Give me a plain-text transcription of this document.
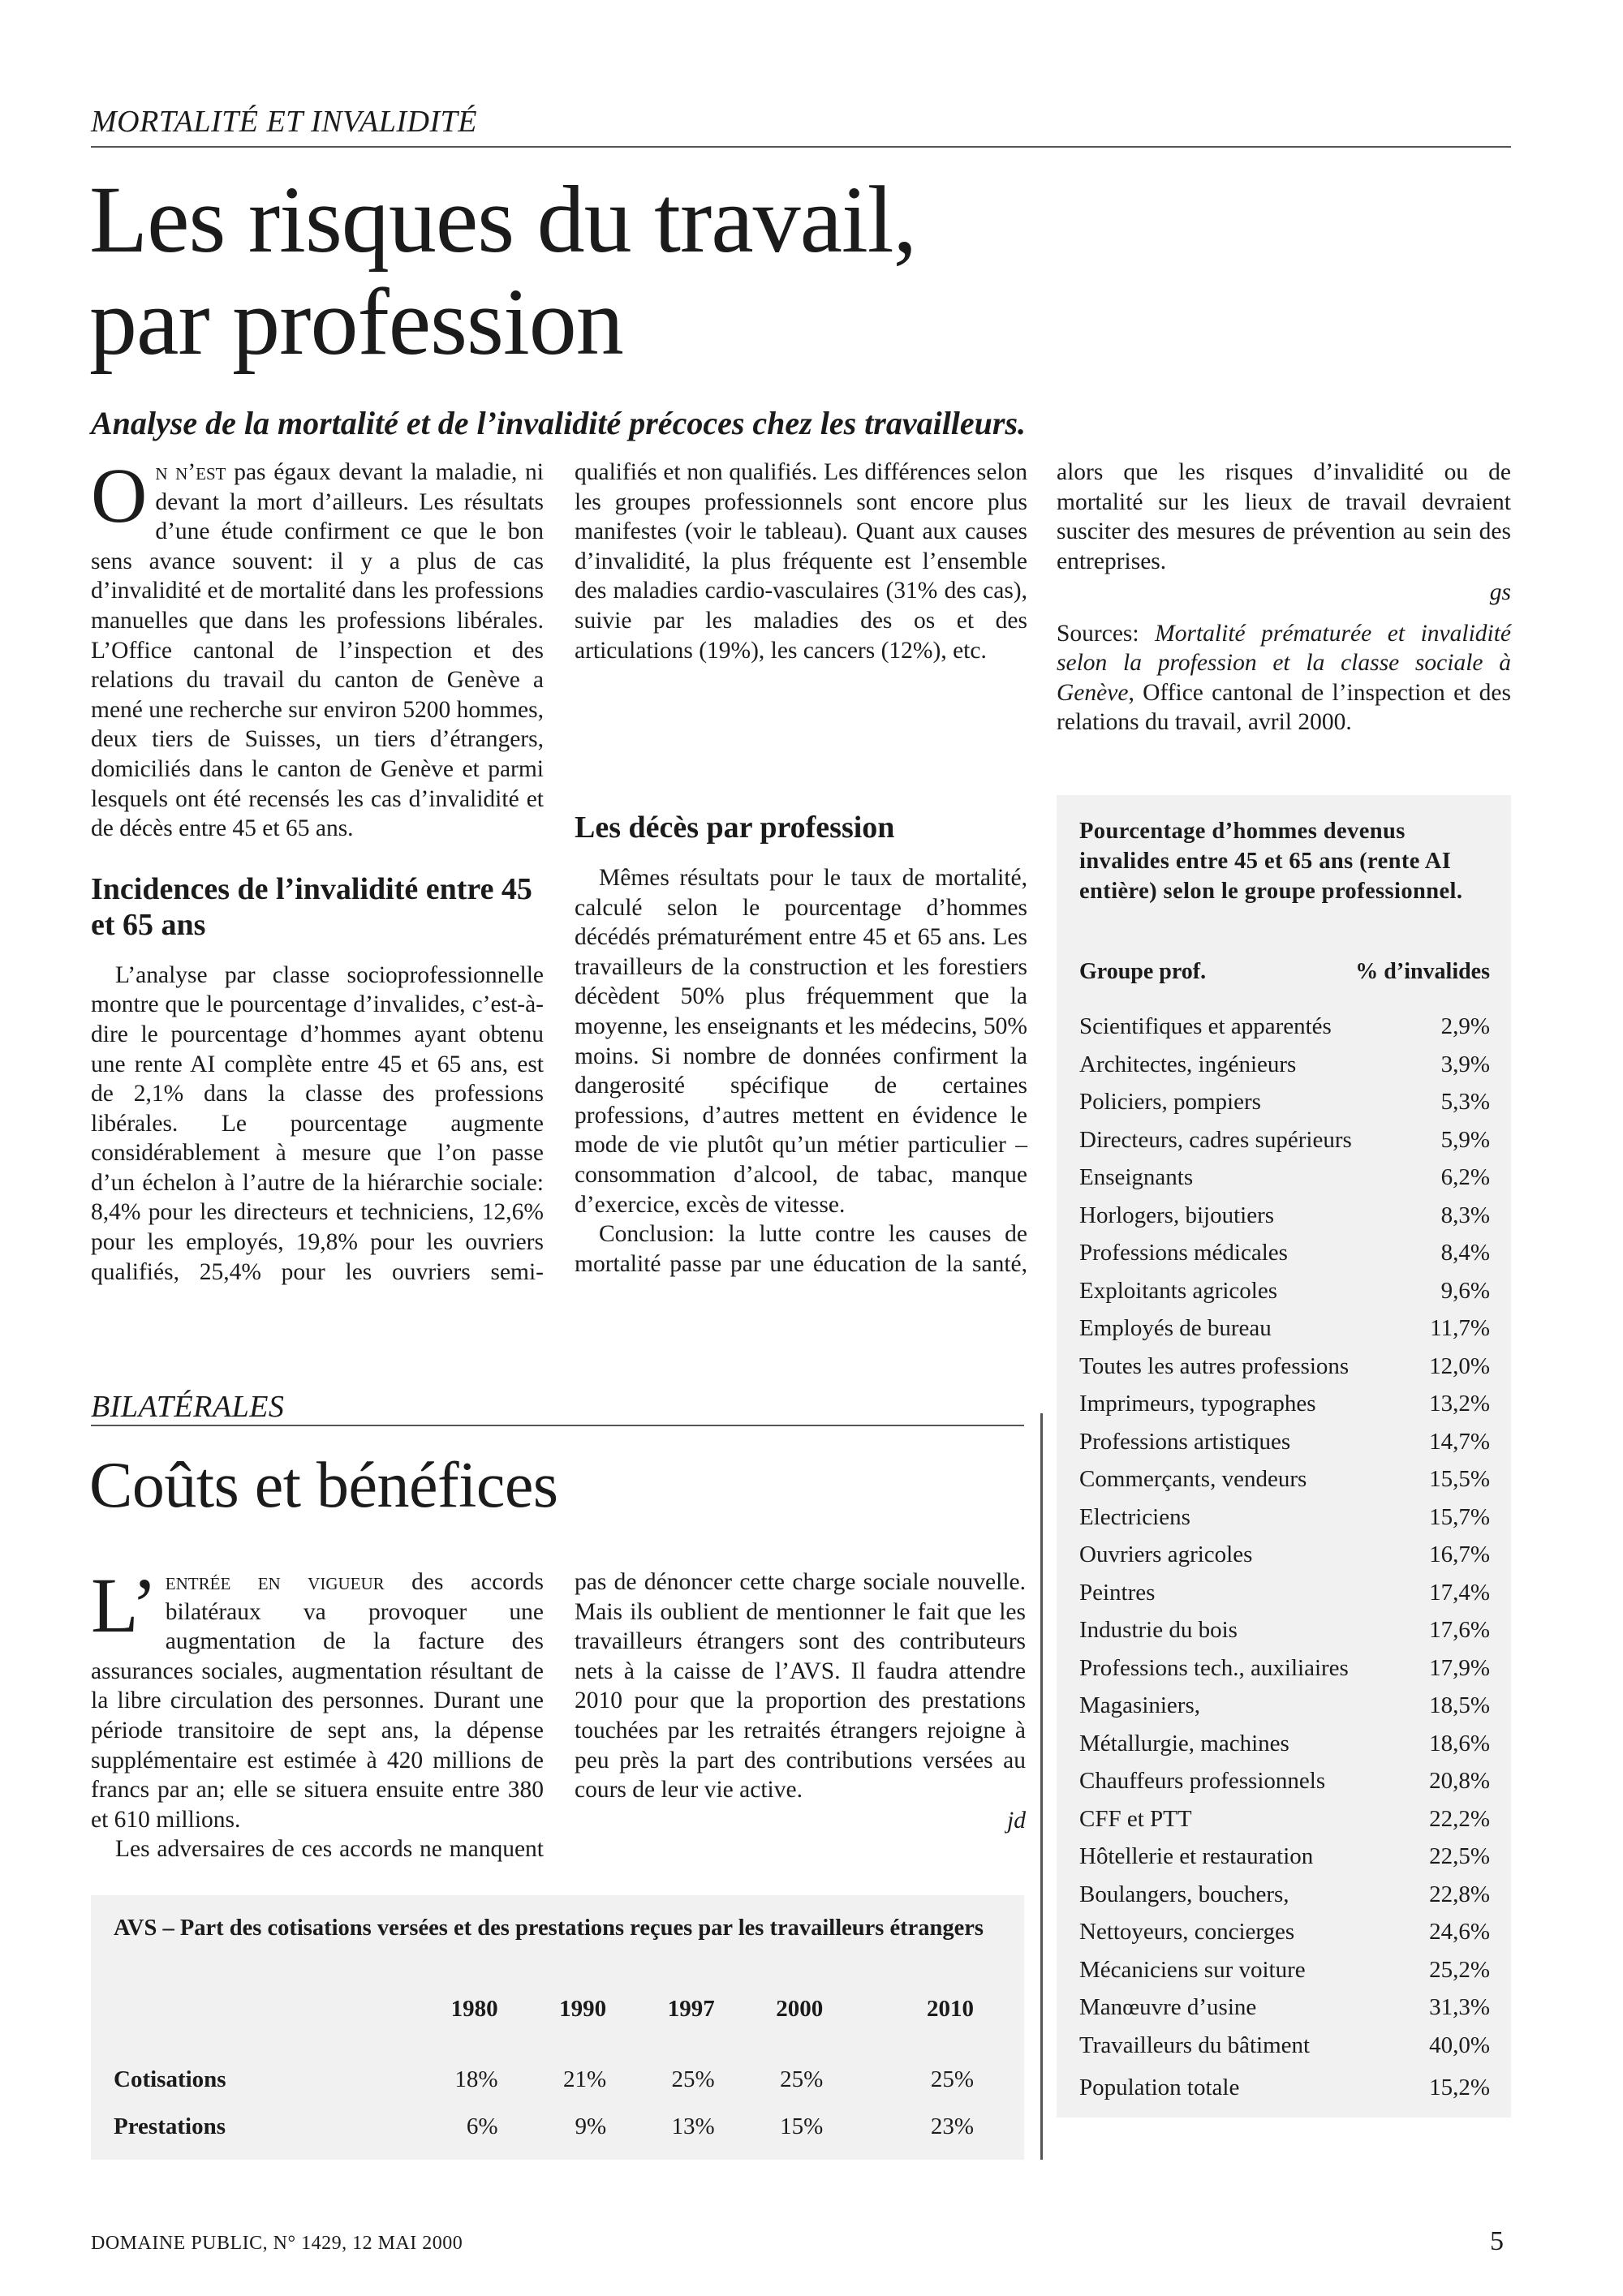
MORTALITÉ ET INVALIDITÉ
Les risques du travail,
par profession
Analyse de la mortalité et de l’invalidité précoces chez les travailleurs.

On n’est pas égaux devant la maladie, ni devant la mort d’ailleurs. Les résultats d’une étude confirment ce que le bon sens avance souvent: il y a plus de cas d’invalidité et de mortalité dans les professions manuelles que dans les professions libérales. L’Office cantonal de l’inspection et des relations du travail du canton de Genève a mené une recherche sur environ 5200 hommes, deux tiers de Suisses, un tiers d’étrangers, domiciliés dans le canton de Genève et parmi lesquels ont été recensés les cas d’invalidité et de décès entre 45 et 65 ans.

Incidences de l’invalidité entre 45 et 65 ans

L’analyse par classe socioprofessionnelle montre que le pourcentage d’invalides, c’est-à-dire le pourcentage d’hommes ayant obtenu une rente AI complète entre 45 et 65 ans, est de 2,1% dans la classe des professions libérales. Le pourcentage augmente considérablement à mesure que l’on passe d’un échelon à l’autre de la hiérarchie sociale: 8,4% pour les directeurs et techniciens, 12,6% pour les employés, 19,8% pour les ouvriers qualifiés, 25,4% pour les ouvriers semi-

qualifiés et non qualifiés. Les différences selon les groupes professionnels sont encore plus manifestes (voir le tableau). Quant aux causes d’invalidité, la plus fréquente est l’ensemble des maladies cardio-vasculaires (31% des cas), suivie par les maladies des os et des articulations (19%), les cancers (12%), etc.

Les décès par profession

Mêmes résultats pour le taux de mortalité, calculé selon le pourcentage d’hommes décédés prématurément entre 45 et 65 ans. Les travailleurs de la construction et les forestiers décèdent 50% plus fréquemment que la moyenne, les enseignants et les médecins, 50% moins. Si nombre de données confirment la dangerosité spécifique de certaines professions, d’autres mettent en évidence le mode de vie plutôt qu’un métier particulier – consommation d’alcool, de tabac, manque d’exercice, excès de vitesse.

Conclusion: la lutte contre les causes de mortalité passe par une éducation de la santé,

alors que les risques d’invalidité ou de mortalité sur les lieux de travail devraient susciter des mesures de prévention au sein des entreprises.

gs

Sources: Mortalité prématurée et invalidité selon la profession et la classe sociale à Genève, Office cantonal de l’inspection et des relations du travail, avril 2000.

Pourcentage d’hommes devenus invalides entre 45 et 65 ans (rente AI entière) selon le groupe professionnel.
Groupe prof.	% d’invalides
Scientifiques et apparentés	2,9%
Architectes, ingénieurs	3,9%
Policiers, pompiers	5,3%
Directeurs, cadres supérieurs	5,9%
Enseignants	6,2%
Horlogers, bijoutiers	8,3%
Professions médicales	8,4%
Exploitants agricoles	9,6%
Employés de bureau	11,7%
Toutes les autres professions	12,0%
Imprimeurs, typographes	13,2%
Professions artistiques	14,7%
Commerçants, vendeurs	15,5%
Electriciens	15,7%
Ouvriers agricoles	16,7%
Peintres	17,4%
Industrie du bois	17,6%
Professions tech., auxiliaires	17,9%
Magasiniers,	18,5%
Métallurgie, machines	18,6%
Chauffeurs professionnels	20,8%
CFF et PTT	22,2%
Hôtellerie et restauration	22,5%
Boulangers, bouchers,	22,8%
Nettoyeurs, concierges	24,6%
Mécaniciens sur voiture	25,2%
Manœuvre d’usine	31,3%
Travailleurs du bâtiment	40,0%
Population totale	15,2%
BILATÉRALES
Coûts et bénéfices

L’ entrée en vigueur des accords bilatéraux va provoquer une augmentation de la facture des assurances sociales, augmentation résultant de la libre circulation des personnes. Durant une période transitoire de sept ans, la dépense supplémentaire est estimée à 420 millions de francs par an; elle se situera ensuite entre 380 et 610 millions.

Les adversaires de ces accords ne manquent

pas de dénoncer cette charge sociale nouvelle. Mais ils oublient de mentionner le fait que les travailleurs étrangers sont des contributeurs nets à la caisse de l’AVS. Il faudra attendre 2010 pour que la proportion des prestations touchées par les retraités étrangers rejoigne à peu près la part des contributions versées au cours de leur vie active.

jd

AVS – Part des cotisations versées et des prestations reçues par les travailleurs étrangers
	1980	1990	1997	2000	2010
Cotisations	18%	21%	25%	25%	25%
Prestations	6%	9%	13%	15%	23%
DOMAINE PUBLIC, N° 1429, 12 MAI 2000	5
